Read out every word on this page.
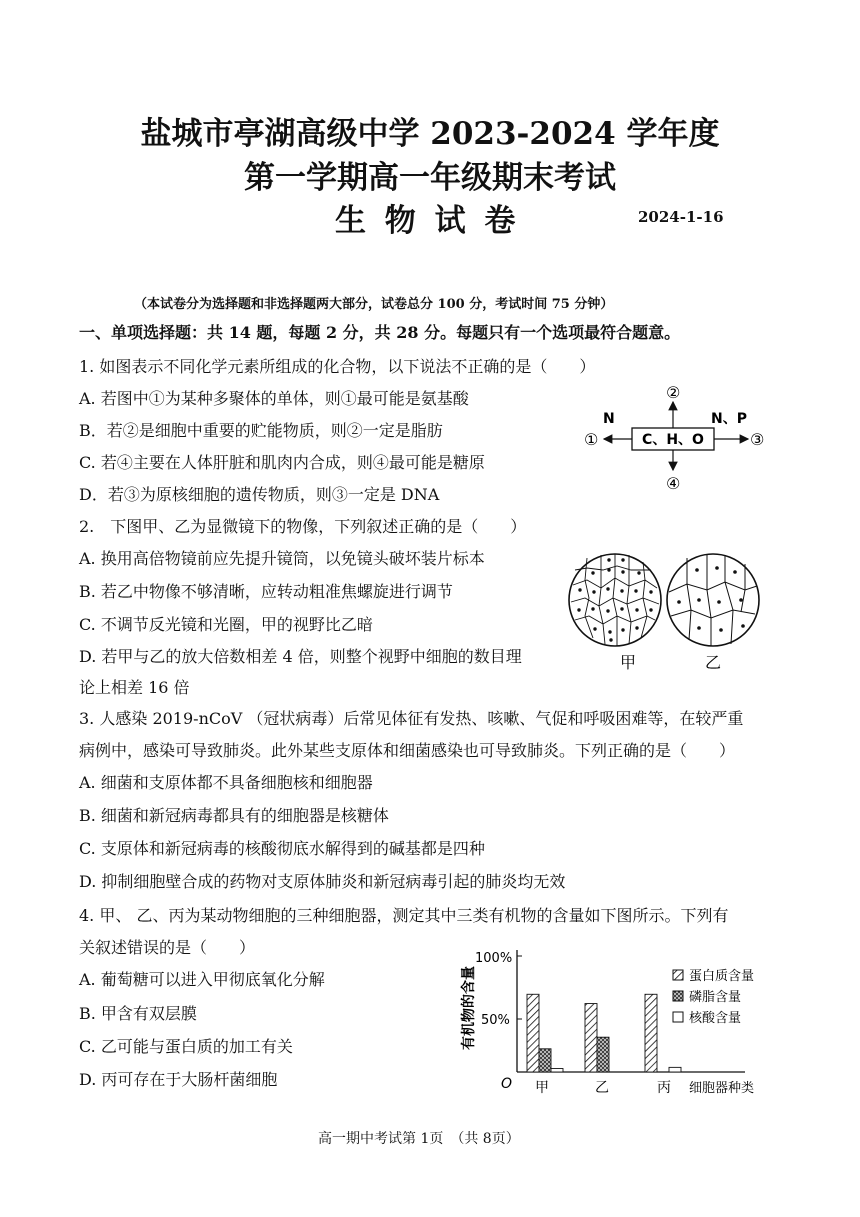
盐城市亭湖高级中学 2023-2024 学年度
第一学期高一年级期末考试
生 物 试 卷	2024-1-16
（本试卷分为选择题和非选择题两大部分，试卷总分 100 分，考试时间 75 分钟）
一、单项选择题：共 14 题，每题 2 分，共 28 分。每题只有一个选项最符合题意。
1. 如图表示不同化学元素所组成的化合物，以下说法不正确的是（　　）
A. 若图中①为某种多聚体的单体，则①最可能是氨基酸
B．若②是细胞中重要的贮能物质，则②一定是脂肪
C. 若④主要在人体肝脏和肌肉内合成，则④最可能是糖原
D．若③为原核细胞的遗传物质，则③一定是 DNA
C、H、O
N	N、P
①
②
③
④
2.　下图甲、乙为显微镜下的物像，下列叙述正确的是（　　）
A. 换用高倍物镜前应先提升镜筒，以免镜头破坏装片标本
B. 若乙中物像不够清晰，应转动粗准焦螺旋进行调节
C. 不调节反光镜和光圈，甲的视野比乙暗
D. 若甲与乙的放大倍数相差 4 倍，则整个视野中细胞的数目理
论上相差 16 倍
甲	乙
3. 人感染 2019-nCoV （冠状病毒）后常见体征有发热、咳嗽、气促和呼吸困难等，在较严重
病例中，感染可导致肺炎。此外某些支原体和细菌感染也可导致肺炎。下列正确的是（　　）
A. 细菌和支原体都不具备细胞核和细胞器
B. 细菌和新冠病毒都具有的细胞器是核糖体
C. 支原体和新冠病毒的核酸彻底水解得到的碱基都是四种
D. 抑制细胞壁合成的药物对支原体肺炎和新冠病毒引起的肺炎均无效
4. 甲、 乙、丙为某动物细胞的三种细胞器，测定其中三类有机物的含量如下图所示。下列有
关叙述错误的是（　　）
A. 葡萄糖可以进入甲彻底氧化分解
B. 甲含有双层膜
C. 乙可能与蛋白质的加工有关
D. 丙可存在于大肠杆菌细胞
有机物的含量
100%
50%
O 甲	乙	丙 细胞器种类
蛋白质含量
磷脂含量
核酸含量
高一期中考试第 1页　（共 8页）
